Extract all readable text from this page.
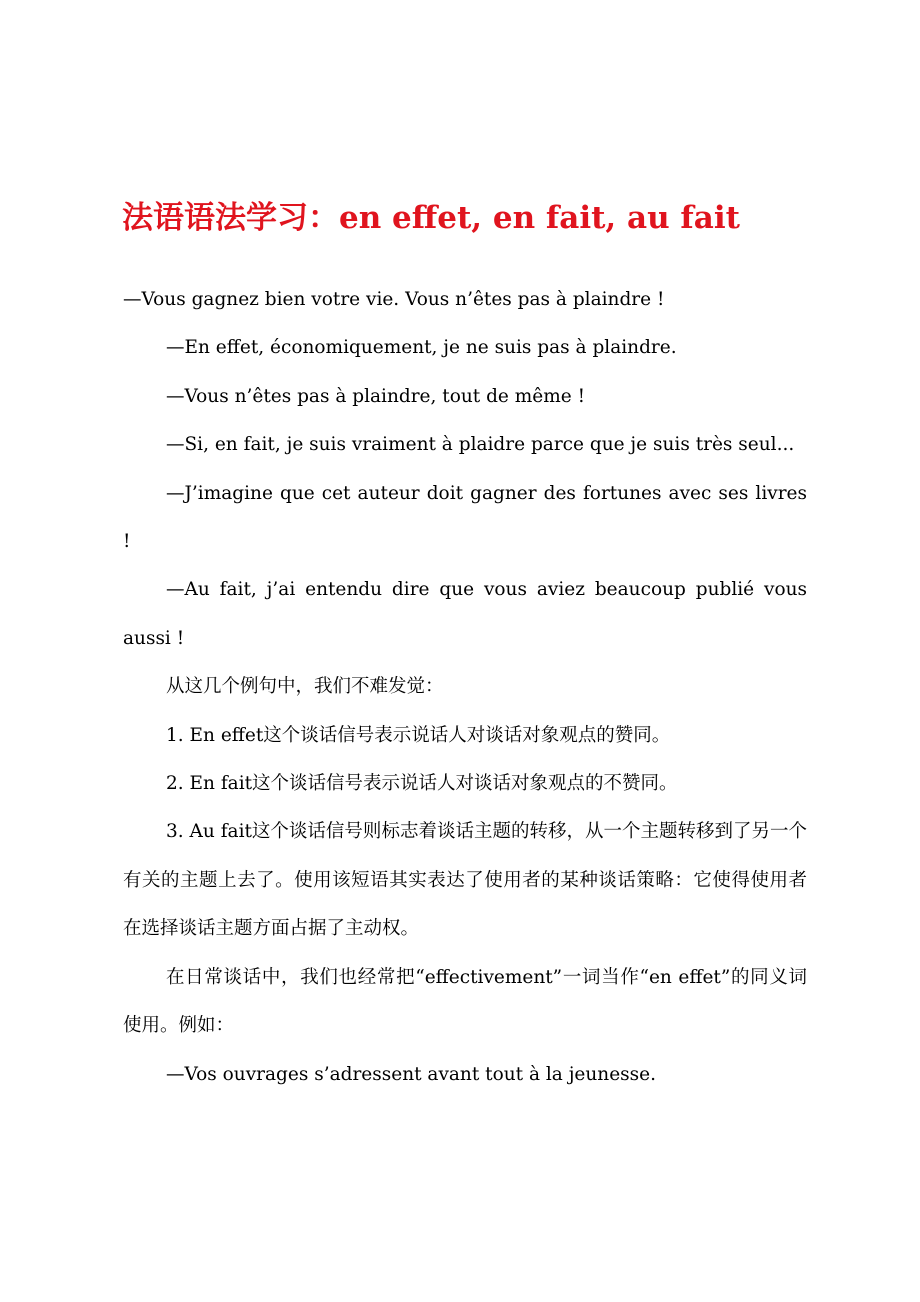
法语语法学习：en effet, en fait, au fait

—Vous gagnez bien votre vie. Vous n’êtes pas à plaindre !

—En effet, économiquement, je ne suis pas à plaindre.

—Vous n’êtes pas à plaindre, tout de même !

—Si, en fait, je suis vraiment à plaidre parce que je suis très seul...

—J’imagine que cet auteur doit gagner des fortunes avec ses livres !

—Au fait, j’ai entendu dire que vous aviez beaucoup publié vous aussi !

从这几个例句中，我们不难发觉：

1. En effet这个谈话信号表示说话人对谈话对象观点的赞同。

2. En fait这个谈话信号表示说话人对谈话对象观点的不赞同。

3. Au fait这个谈话信号则标志着谈话主题的转移，从一个主题转移到了另一个有关的主题上去了。使用该短语其实表达了使用者的某种谈话策略：它使得使用者在选择谈话主题方面占据了主动权。

在日常谈话中，我们也经常把“effectivement”一词当作“en effet”的同义词使用。例如：

—Vos ouvrages s’adressent avant tout à la jeunesse.
